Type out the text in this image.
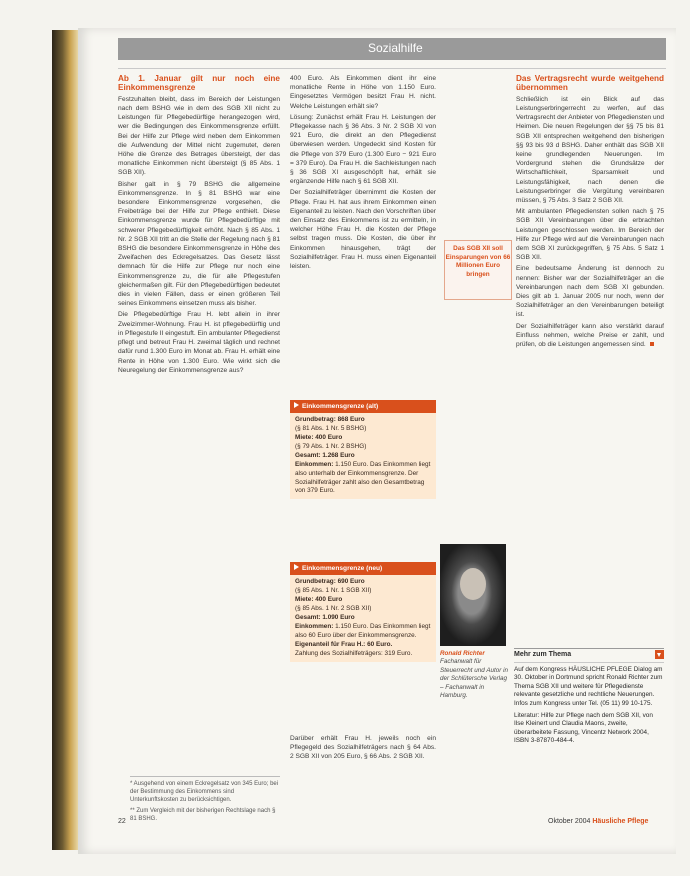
Sozialhilfe
Ab 1. Januar gilt nur noch eine Einkommensgrenze

Festzuhalten bleibt, dass im Bereich der Leistungen nach dem BSHG wie in dem des SGB XII nicht zu Leistungen für Pflegebedürftige herangezogen wird, wer die Bedingungen des Einkommensgrenze erfüllt. Bei der Hilfe zur Pflege wird neben dem Einkommen die Aufwendung der Mittel nicht zugemutet, deren Höhe die Grenze des Betrages übersteigt, der das monatliche Einkommen nicht übersteigt (§ 85 Abs. 1 SGB XII).

Bisher galt in § 79 BSHG die allgemeine Einkommensgrenze. In § 81 BSHG war eine besondere Einkommensgrenze vorgesehen, die Freibeträge bei der Hilfe zur Pflege enthielt. Diese Einkommensgrenze wurde für Pflegebedürftige mit schwerer Pflegebedürftigkeit erhöht. Nach § 85 Abs. 1 Nr. 2 SGB XII tritt an die Stelle der Regelung nach § 81 BSHG die besondere Einkommensgrenze in Höhe des Zweifachen des Eckregelsatzes. Das Gesetz lässt demnach für die Hilfe zur Pflege nur noch eine Einkommensgrenze zu, die für alle Pflegestufen gleichermaßen gilt. Für den Pflegebedürftigen bedeutet dies in vielen Fällen, dass er einen größeren Teil seines Einkommens einsetzen muss als bisher.

Die Pflegebedürftige Frau H. lebt allein in ihrer Zweizimmer-Wohnung. Frau H. ist pflegebedürftig und in Pflegestufe II eingestuft. Ein ambulanter Pflegedienst pflegt und betreut Frau H. zweimal täglich und rechnet dafür rund 1.300 Euro im Monat ab. Frau H. erhält eine Rente in Höhe von 1.300 Euro. Wie wirkt sich die Neuregelung der Einkommensgrenze aus?

400 Euro. Als Einkommen dient ihr eine monatliche Rente in Höhe von 1.150 Euro. Eingesetztes Vermögen besitzt Frau H. nicht. Welche Leistungen erhält sie?

Lösung: Zunächst erhält Frau H. Leistungen der Pflegekasse nach § 36 Abs. 3 Nr. 2 SGB XI von 921 Euro, die direkt an den Pflegedienst überwiesen werden. Ungedeckt sind Kosten für die Pflege von 379 Euro (1.300 Euro − 921 Euro = 379 Euro). Da Frau H. die Sachleistungen nach § 36 SGB XI ausgeschöpft hat, erhält sie ergänzende Hilfe nach § 61 SGB XII.

Der Sozialhilfeträger übernimmt die Kosten der Pflege. Frau H. hat aus ihrem Einkommen einen Eigenanteil zu leisten. Nach den Vorschriften über den Einsatz des Einkommens ist zu ermitteln, in welcher Höhe Frau H. die Kosten der Pflege selbst tragen muss. Die Kosten, die über ihr Einkommen hinausgehen, trägt der Sozialhilfeträger. Frau H. muss einen Eigenanteil leisten.

Einkommensgrenze (alt)
Grundbetrag: 868 Euro
(§ 81 Abs. 1 Nr. 5 BSHG)
Miete: 400 Euro
(§ 79 Abs. 1 Nr. 2 BSHG)
Gesamt: 1.268 Euro
Einkommen: 1.150 Euro. Das Einkommen liegt also unterhalb der Einkommensgrenze. Der Sozialhilfeträger zahlt also den Gesamtbetrag von 379 Euro.
Einkommensgrenze (neu)
Grundbetrag: 690 Euro
(§ 85 Abs. 1 Nr. 1 SGB XII)
Miete: 400 Euro
(§ 85 Abs. 1 Nr. 2 SGB XII)
Gesamt: 1.090 Euro
Einkommen: 1.150 Euro. Das Einkommen liegt also 60 Euro über der Einkommensgrenze.
Eigenanteil für Frau H.: 60 Euro.
Zahlung des Sozialhilfeträgers: 319 Euro.

Darüber erhält Frau H. jeweils noch ein Pflegegeld des Sozialhilfeträgers nach § 64 Abs. 2 SGB XII von 205 Euro, § 66 Abs. 2 SGB XII.

Das SGB XII soll Einsparungen von 66 Millionen Euro bringen
Das Vertragsrecht wurde weitgehend übernommen

Schließlich ist ein Blick auf das Leistungserbringerrecht zu werfen, auf das Vertragsrecht der Anbieter von Pflegediensten und Heimen. Die neuen Regelungen der §§ 75 bis 81 SGB XII entsprechen weitgehend den bisherigen §§ 93 bis 93 d BSHG. Daher enthält das SGB XII keine grundlegenden Neuerungen. Im Vordergrund stehen die Grundsätze der Wirtschaftlichkeit, Sparsamkeit und Leistungsfähigkeit, nach denen die Leistungserbringer die Vergütung vereinbaren müssen, § 75 Abs. 3 Satz 2 SGB XII.

Mit ambulanten Pflegediensten sollen nach § 75 SGB XII Vereinbarungen über die erbrachten Leistungen geschlossen werden. Im Bereich der Hilfe zur Pflege wird auf die Vereinbarungen nach dem SGB XI zurückgegriffen, § 75 Abs. 5 Satz 1 SGB XII.

Eine bedeutsame Änderung ist dennoch zu nennen: Bisher war der Sozialhilfeträger an die Vereinbarungen nach dem SGB XI gebunden. Dies gilt ab 1. Januar 2005 nur noch, wenn der Sozialhilfeträger an den Vereinbarungen beteiligt ist.

Der Sozialhilfeträger kann also verstärkt darauf Einfluss nehmen, welche Preise er zahlt, und prüfen, ob die Leistungen angemessen sind.

Ronald Richter
Fachanwalt für Steuerrecht und Autor in der Schlütersche Verlag – Fachanwalt in Hamburg.
Mehr zum Thema

Auf dem Kongress HÄUSLICHE PFLEGE Dialog am 30. Oktober in Dortmund spricht Ronald Richter zum Thema SGB XII und weitere für Pflegedienste relevante gesetzliche und rechtliche Neuerungen. Infos zum Kongress unter Tel. (05 11) 99 10-175.

Literatur: Hilfe zur Pflege nach dem SGB XII, von Ilse Kleinert und Claudia Maons, zweite, überarbeitete Fassung, Vincentz Network 2004, ISBN 3-87870-484-4.

* Ausgehend von einem Eckregelsatz von 345 Euro; bei der Bestimmung des Einkommens sind Unterkunftskosten zu berücksichtigen.
** Zum Vergleich mit der bisherigen Rechtslage nach § 81 BSHG.
22	Oktober 2004 Häusliche Pflege
